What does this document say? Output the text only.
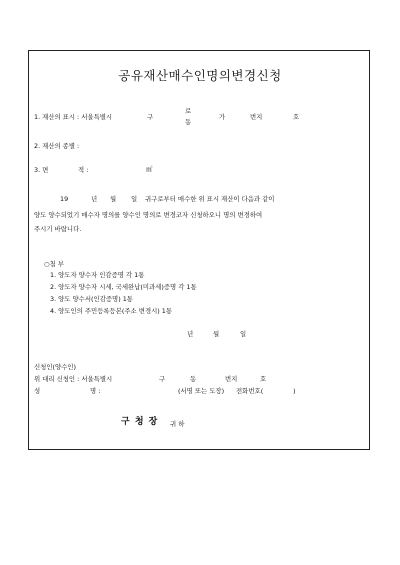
공유재산매수인명의변경신청
1. 재산의 표시 : 서울특별시	구
로
동
가	번지	호
2. 재산의 종별 :
3. 면	적 :	㎡
19	년 월 일 귀구로부터 매수한 위 표시 재산이 다음과 같이
양도 양수되었기 매수자 명의를 양수인 명의로 변경코자 신청하오니 명의 변경하여
주시기 바랍니다.
○첨 부
1. 양도자 양수자 인감증명 각 1통
2. 양도자 양수자 시세, 국세완납(미과세)증명 각 1통
3. 양도 양수서(인감증명) 1통
4. 양도인의 주민등록등본(주소 변경시) 1통
년	월	일
신청인(양수인)
위 대리 신청인 : 서울특별시	구	동	번지	호
성	명 :	(서명 또는 도장) 전화번호(	)
구 청 장 귀 하
